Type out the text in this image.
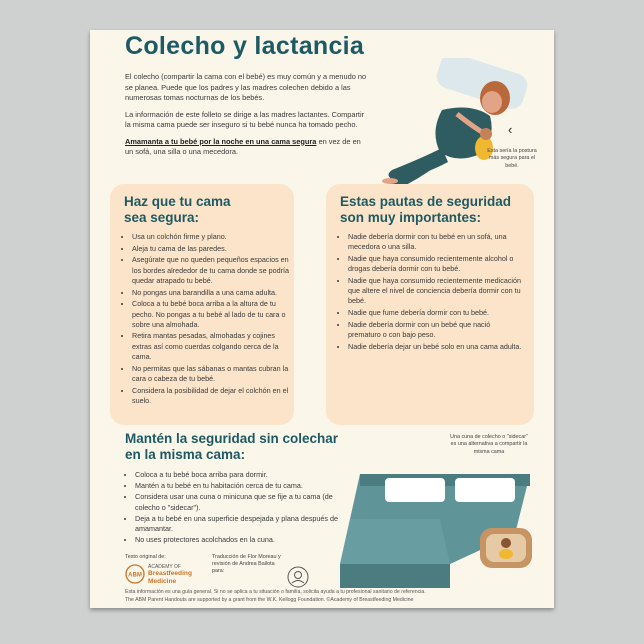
Colecho y lactancia

El colecho (compartir la cama con el bebé) es muy común y a menudo no se planea. Puede que los padres y las madres colechen debido a las numerosas tomas nocturnas de los bebés.

La información de este folleto se dirige a las madres lactantes. Compartir la misma cama puede ser inseguro si tu bebé nunca ha tomado pecho.

Amamanta a tu bebé por la noche en una cama segura en vez de en un sofá, una silla o una mecedora.

‹
Esta sería la postura más segura para el bebé.
Haz que tu cama
sea segura:
• Usa un colchón firme y plano.
• Aleja tu cama de las paredes.
• Asegúrate que no queden pequeños espacios en los bordes alrededor de tu cama donde se podría quedar atrapado tu bebé.
• No pongas una barandilla a una cama adulta.
• Coloca a tu bebé boca arriba a la altura de tu pecho. No pongas a tu bebé al lado de tu cara o sobre una almohada.
• Retira mantas pesadas, almohadas y cojines extras así como cuerdas colgando cerca de la cama.
• No permitas que las sábanas o mantas cubran la cara o cabeza de tu bebé.
• Considera la posibilidad de dejar el colchón en el suelo.
Estas pautas de seguridad
son muy importantes:
• Nadie debería dormir con tu bebé en un sofá, una mecedora o una silla.
• Nadie que haya consumido recientemente alcohol o drogas debería dormir con tu bebé.
• Nadie que haya consumido recientemente medicación que altere el nivel de conciencia debería dormir con tu bebé.
• Nadie que fume debería dormir con tu bebé.
• Nadie debería dormir con un bebé que nació prematuro o con bajo peso.
• Nadie debería dejar un bebé solo en una cama adulta.
Mantén la seguridad sin colechar
en la misma cama:
• Coloca a tu bebé boca arriba para dormir.
• Mantén a tu bebé en tu habitación cerca de tu cama.
• Considera usar una cuna o minicuna que se fije a tu cama (de colecho o "sidecar").
• Deja a tu bebé en una superficie despejada y plana después de amamantar.
• No uses protectores acolchados en la cuna.
Una cuna de colecho o "sidecar" es una alternativa a compartir la misma cama
Texto original de:
ABM
ACADEMY OF
Breastfeeding
Medicine
Traducción de Flor Moreau y revisión de Andrea Bailota para:
Esta información es una guía general. Si no se aplica a tu situación o familia, solicita ayuda a tu profesional sanitario de referencia.
The ABM Parent Handouts are supported by a grant from the W.K. Kellogg Foundation. ©Academy of Breastfeeding Medicine
